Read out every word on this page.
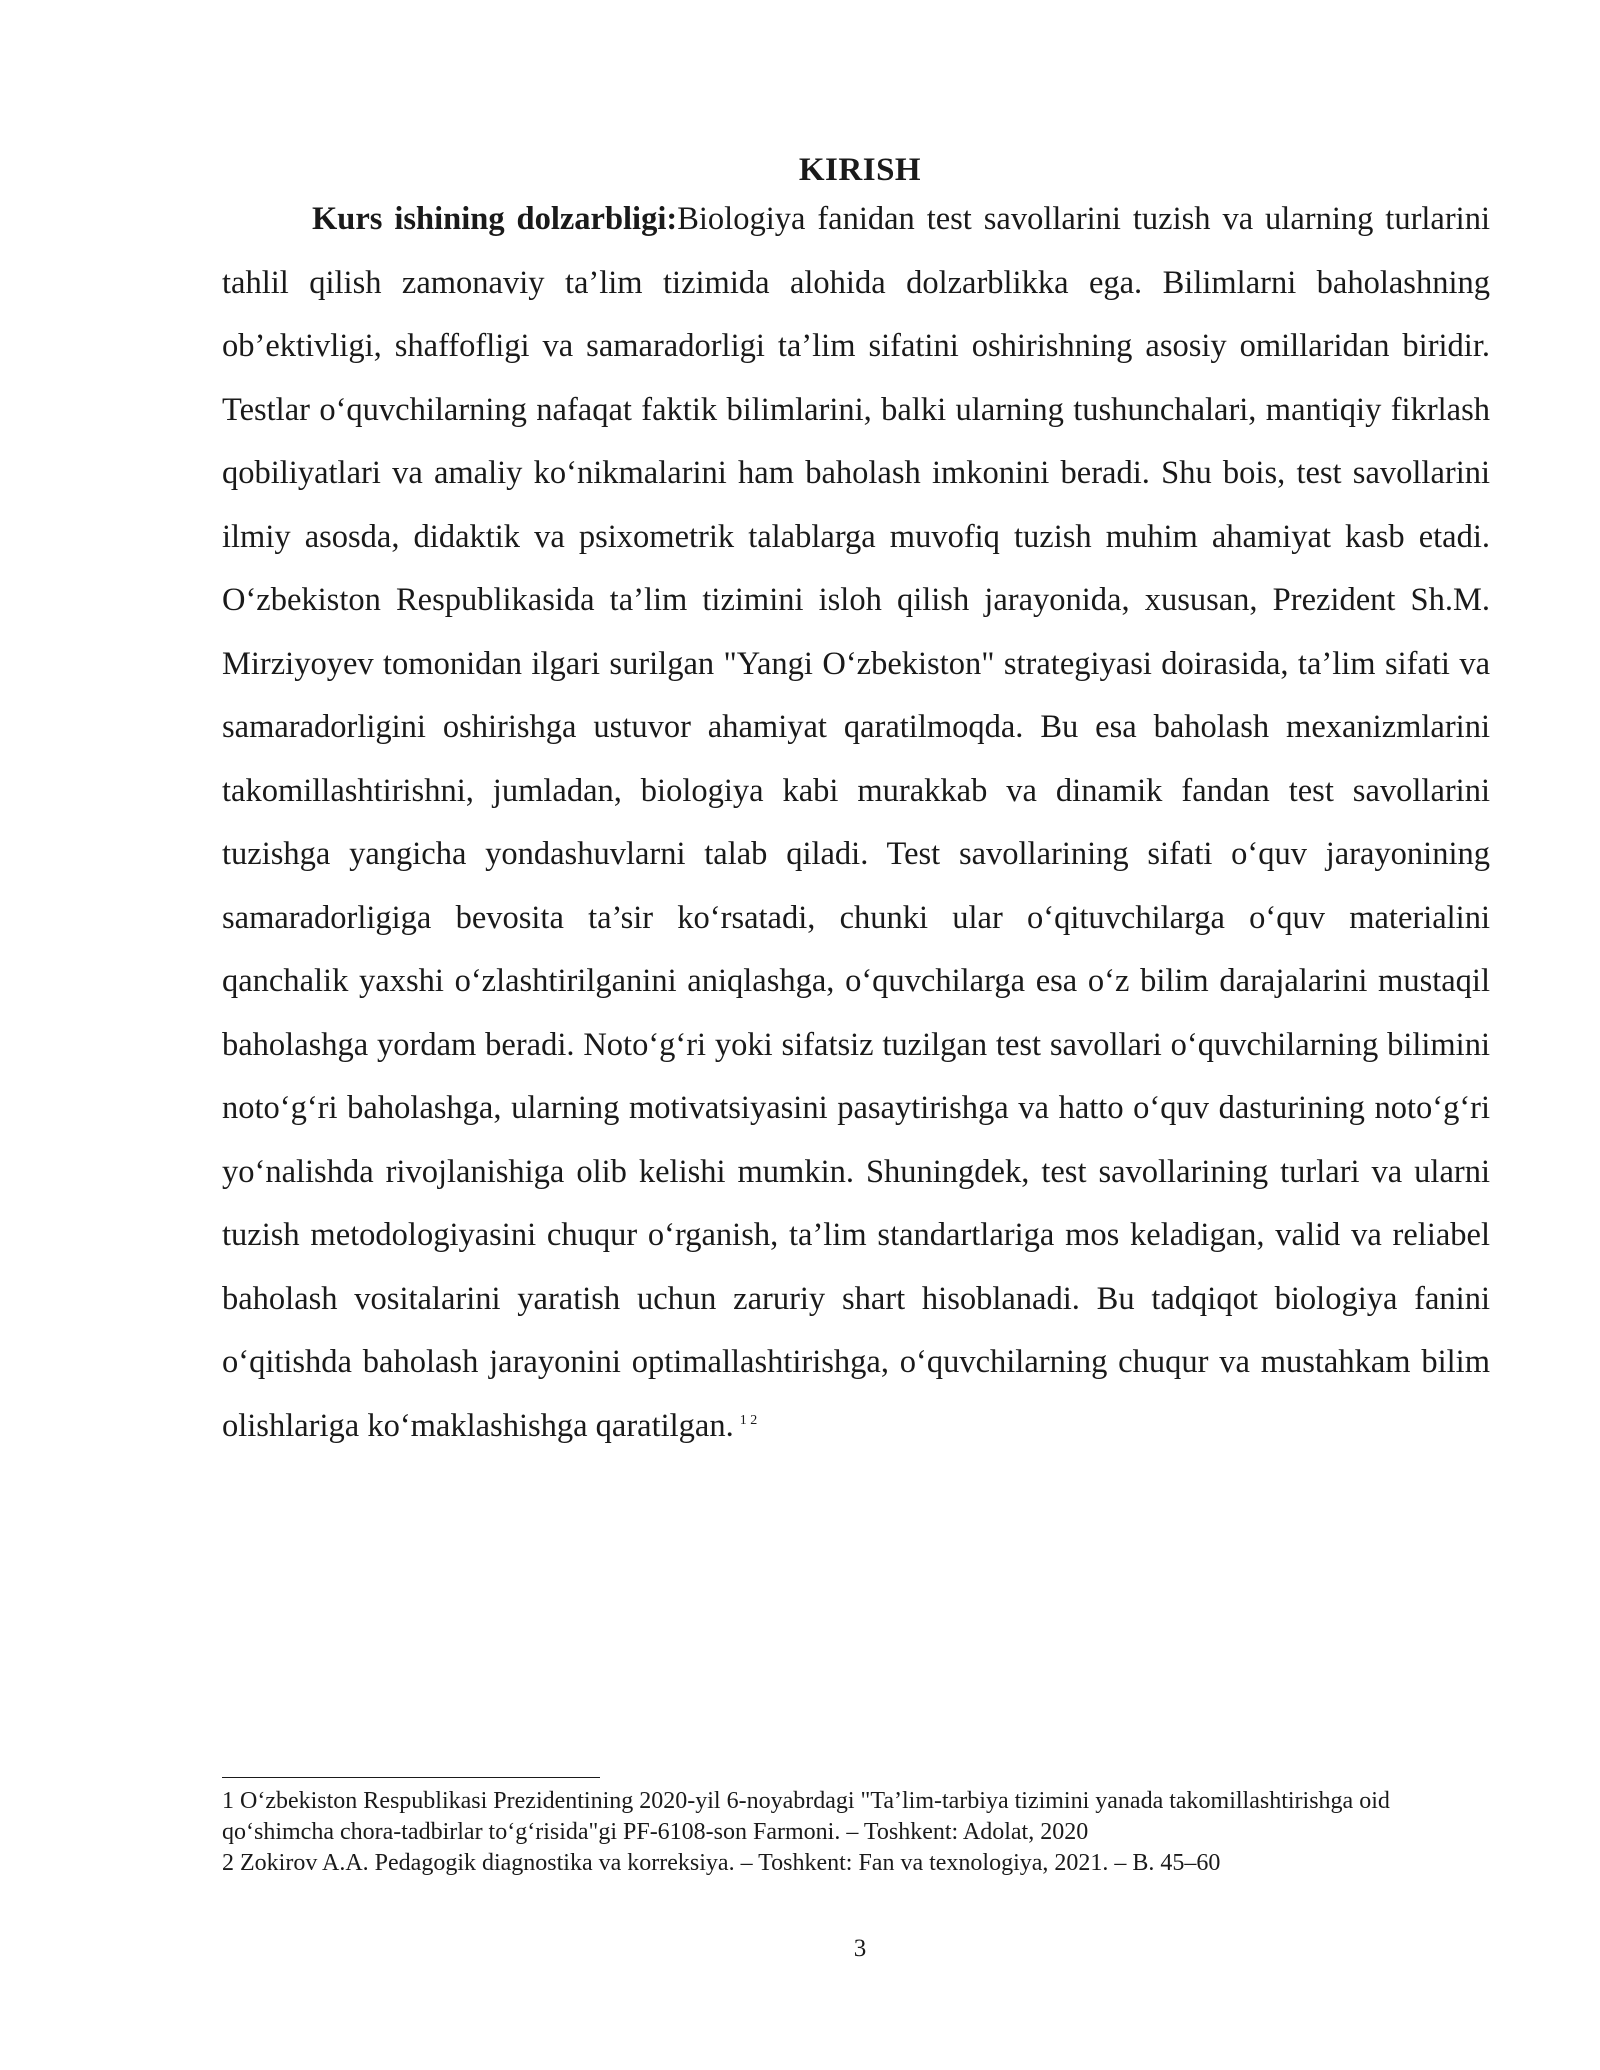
KIRISH

Kurs ishining dolzarbligi:Biologiya fanidan test savollarini tuzish va ularning turlarini tahlil qilish zamonaviy ta’lim tizimida alohida dolzarblikka ega. Bilimlarni baholashning ob’ektivligi, shaffofligi va samaradorligi ta’lim sifatini oshirishning asosiy omillaridan biridir. Testlar o‘quvchilarning nafaqat faktik bilimlarini, balki ularning tushunchalari, mantiqiy fikrlash qobiliyatlari va amaliy ko‘nikmalarini ham baholash imkonini beradi. Shu bois, test savollarini ilmiy asosda, didaktik va psixometrik talablarga muvofiq tuzish muhim ahamiyat kasb etadi. O‘zbekiston Respublikasida ta’lim tizimini isloh qilish jarayonida, xususan, Prezident Sh.M. Mirziyoyev tomonidan ilgari surilgan "Yangi O‘zbekiston" strategiyasi doirasida, ta’lim sifati va samaradorligini oshirishga ustuvor ahamiyat qaratilmoqda. Bu esa baholash mexanizmlarini takomillashtirishni, jumladan, biologiya kabi murakkab va dinamik fandan test savollarini tuzishga yangicha yondashuvlarni talab qiladi. Test savollarining sifati o‘quv jarayonining samaradorligiga bevosita ta’sir ko‘rsatadi, chunki ular o‘qituvchilarga o‘quv materialini qanchalik yaxshi o‘zlashtirilganini aniqlashga, o‘quvchilarga esa o‘z bilim darajalarini mustaqil baholashga yordam beradi. Noto‘g‘ri yoki sifatsiz tuzilgan test savollari o‘quvchilarning bilimini noto‘g‘ri baholashga, ularning motivatsiyasini pasaytirishga va hatto o‘quv dasturining noto‘g‘ri yo‘nalishda rivojlanishiga olib kelishi mumkin. Shuningdek, test savollarining turlari va ularni tuzish metodologiyasini chuqur o‘rganish, ta’lim standartlariga mos keladigan, valid va reliabel baholash vositalarini yaratish uchun zaruriy shart hisoblanadi. Bu tadqiqot biologiya fanini o‘qitishda baholash jarayonini optimallashtirishga, o‘quvchilarning chuqur va mustahkam bilim olishlariga ko‘maklashishga qaratilgan. $^{1 2}$

1 O‘zbekiston Respublikasi Prezidentining 2020-yil 6-noyabrdagi "Ta’lim-tarbiya tizimini yanada takomillashtirishga oid qo‘shimcha chora-tadbirlar to‘g‘risida"gi PF-6108-son Farmoni. – Toshkent: Adolat, 2020

2 Zokirov A.A. Pedagogik diagnostika va korreksiya. – Toshkent: Fan va texnologiya, 2021. – B. 45–60

3
